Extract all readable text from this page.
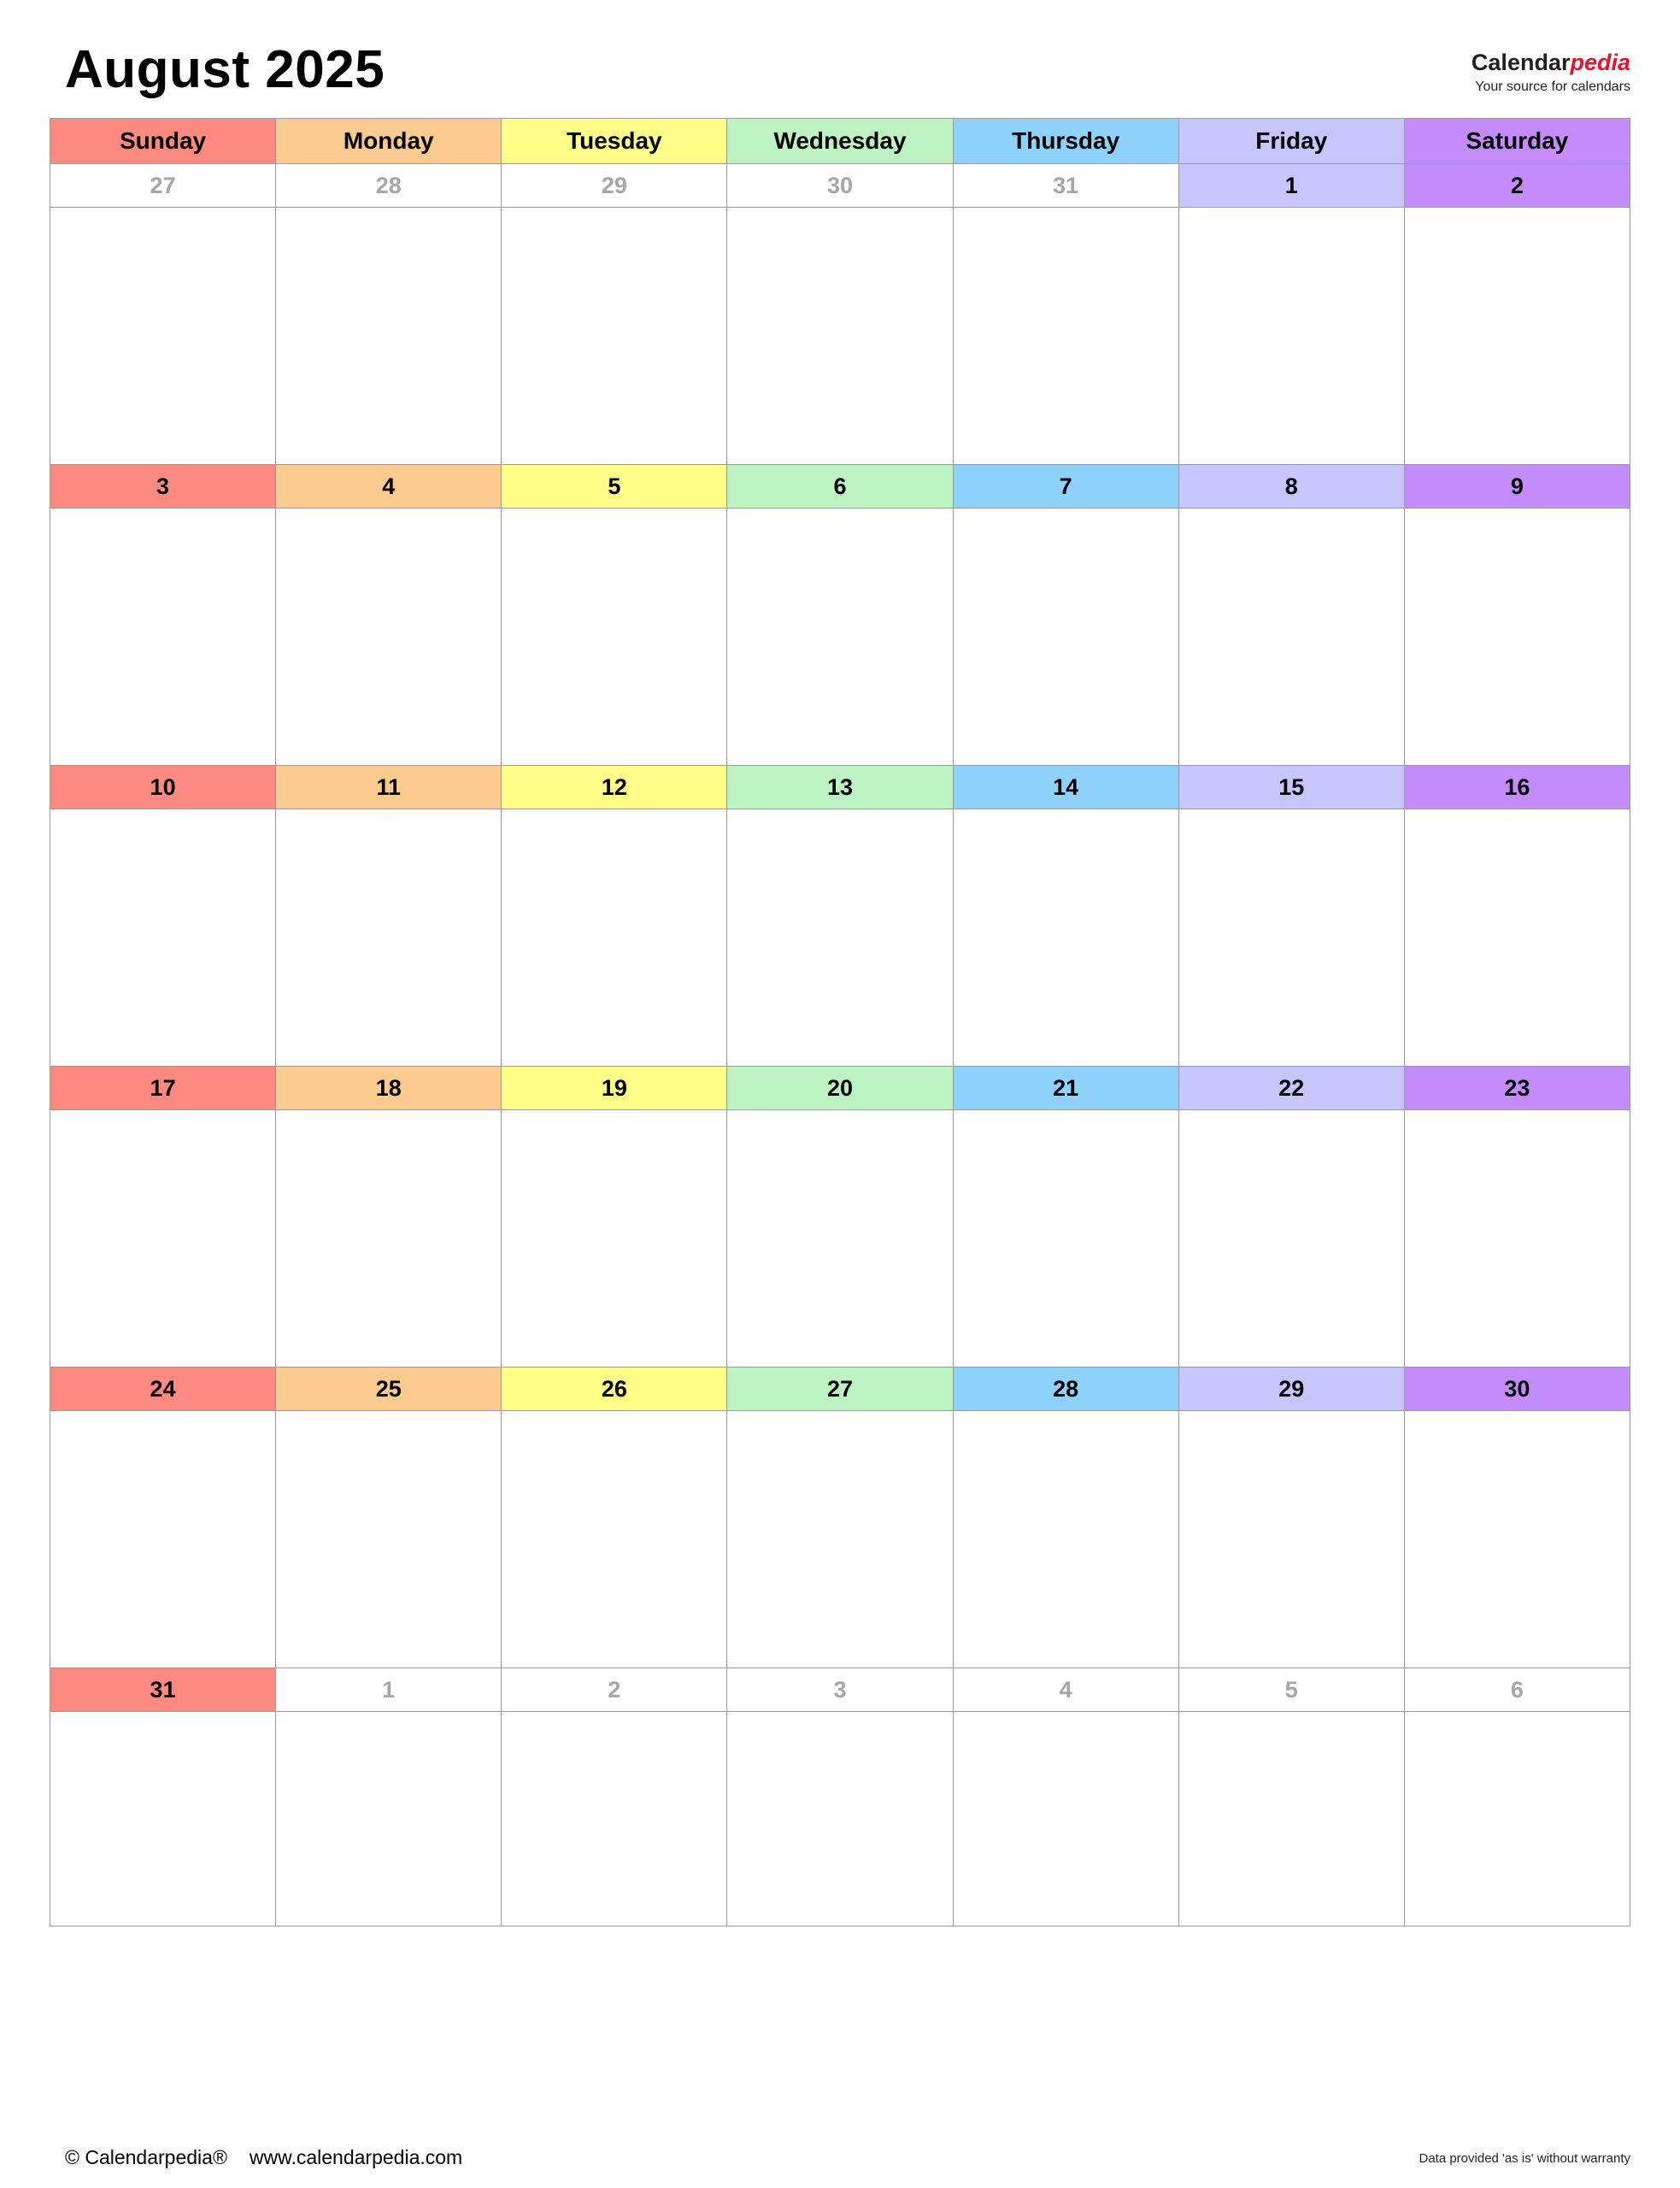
August 2025	Calendarpedia
Your source for calendars
Sunday	Monday	Tuesday	Wednesday	Thursday	Friday	Saturday
27	28	29	30	31	1	2

3	4	5	6	7	8	9

10	11	12	13	14	15	16

17	18	19	20	21	22	23

24	25	26	27	28	29	30

31	1	2	3	4	5	6

© Calendarpedia® www.calendarpedia.com	Data provided 'as is' without warranty
